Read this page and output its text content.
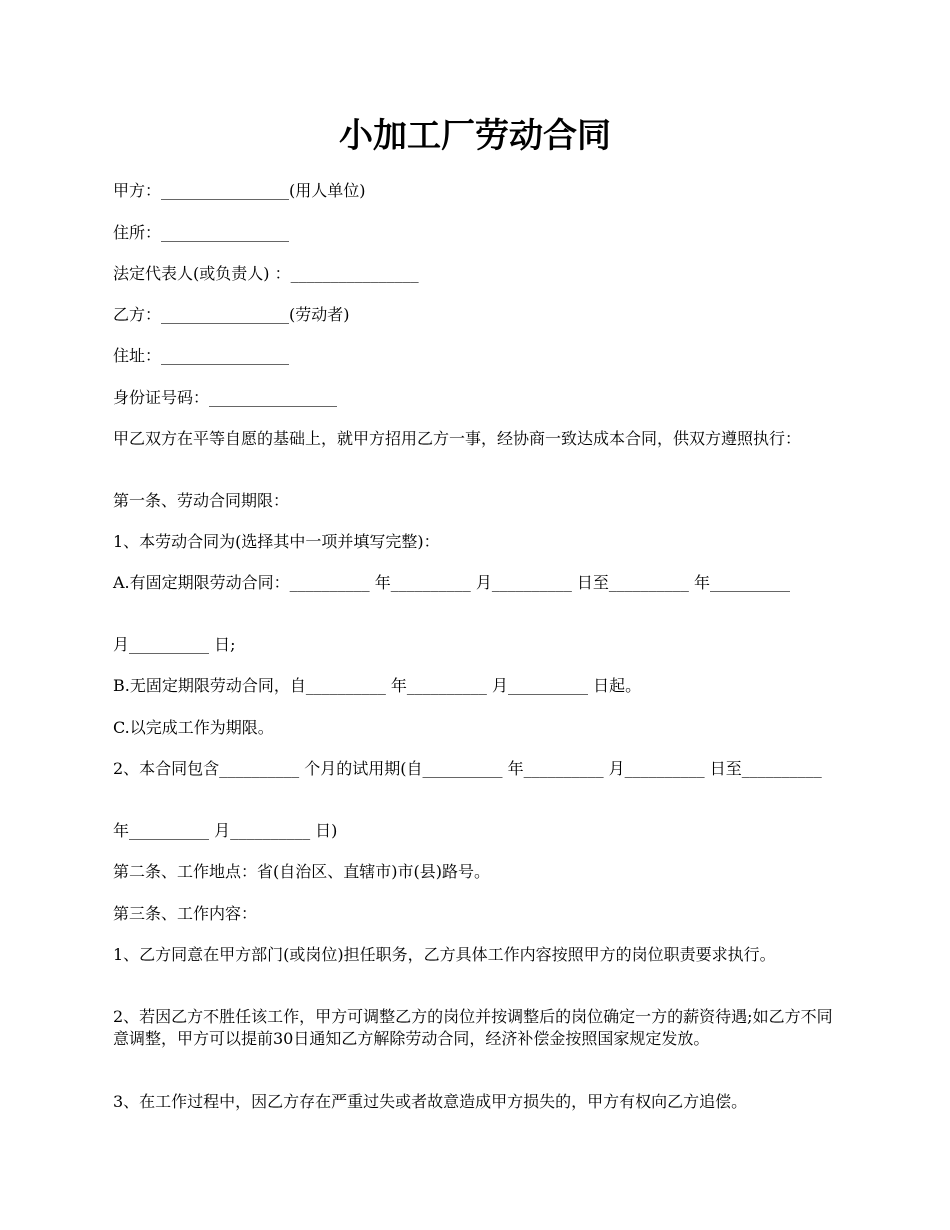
小加工厂劳动合同

甲方：________________(用人单位)

住所：________________

法定代表人(或负责人) ：________________

乙方：________________(劳动者)

住址：________________

身份证号码：________________

甲乙双方在平等自愿的基础上，就甲方招用乙方一事，经协商一致达成本合同，供双方遵照执行：

第一条、劳动合同期限：

1、本劳动合同为(选择其中一项并填写完整)：

A.有固定期限劳动合同：__________ 年__________ 月__________ 日至__________ 年__________

月__________ 日;

B.无固定期限劳动合同，自__________ 年__________ 月__________ 日起。

C.以完成工作为期限。

2、本合同包含__________ 个月的试用期(自__________ 年__________ 月__________ 日至__________

年__________ 月__________ 日)

第二条、工作地点：省(自治区、直辖市)市(县)路号。

第三条、工作内容：

1、乙方同意在甲方部门(或岗位)担任职务，乙方具体工作内容按照甲方的岗位职责要求执行。

2、若因乙方不胜任该工作，甲方可调整乙方的岗位并按调整后的岗位确定一方的薪资待遇;如乙方不同意调整，甲方可以提前30日通知乙方解除劳动合同，经济补偿金按照国家规定发放。

3、在工作过程中，因乙方存在严重过失或者故意造成甲方损失的，甲方有权向乙方追偿。
